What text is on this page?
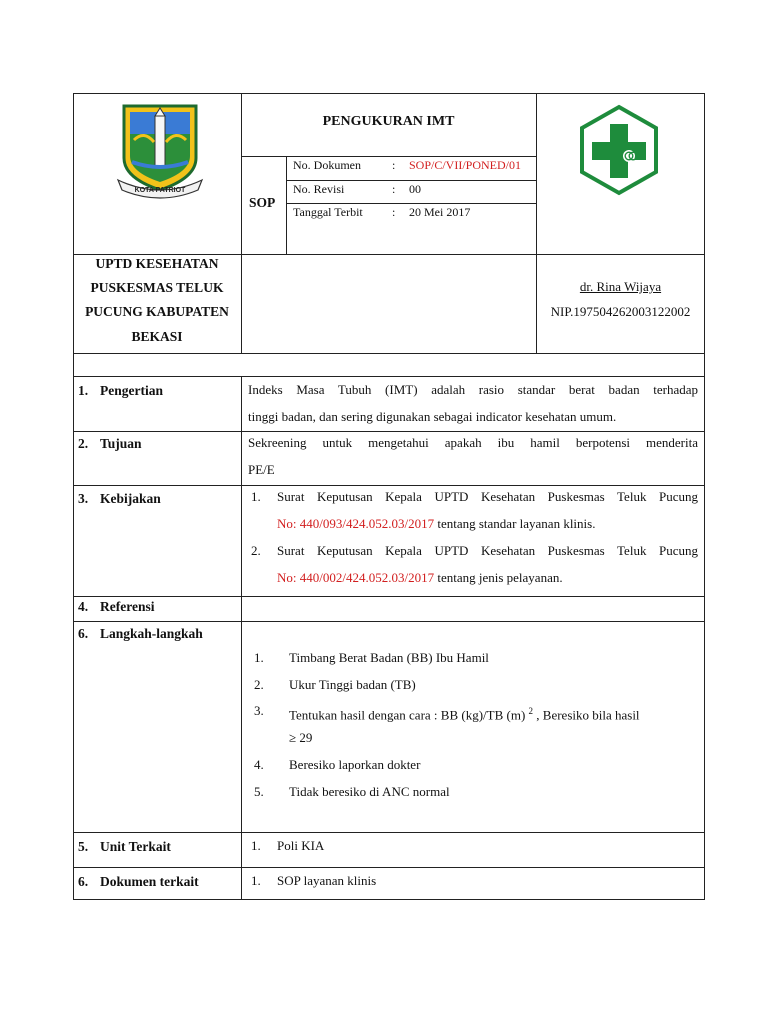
KOTA PATRIOT
PENGUKURAN IMT
SOP
No. Dokumen	: SOP/C/VII/PONED/01
No. Revisi	: 00
Tanggal Terbit : 20 Mei 2017
UPTD KESEHATAN
PUSKESMAS TELUK
PUCUNG KABUPATEN
BEKASI
dr. Rina Wijaya
NIP.197504262003122002
1. Pengertian	Indeks Masa Tubuh (IMT) adalah rasio standar berat badan terhadap
tinggi badan, dan sering digunakan sebagai indicator kesehatan umum.
2. Tujuan	Sekreening untuk mengetahui apakah ibu hamil berpotensi menderita
PE/E
3. Kebijakan	1. Surat Keputusan Kepala UPTD Kesehatan Puskesmas Teluk Pucung
No: 440/093/424.052.03/2017 tentang standar layanan klinis.
2. Surat Keputusan Kepala UPTD Kesehatan Puskesmas Teluk Pucung
No: 440/002/424.052.03/2017 tentang jenis pelayanan.
4. Referensi
6. Langkah-langkah
1. Timbang Berat Badan (BB) Ibu Hamil
2. Ukur Tinggi badan (TB)
3. Tentukan hasil dengan cara : BB (kg)/TB (m) $^2$ , Beresiko bila hasil
≥ 29
4. Beresiko laporkan dokter
5. Tidak beresiko di ANC normal
5. Unit Terkait	1. Poli KIA
6. Dokumen terkait	1. SOP layanan klinis
